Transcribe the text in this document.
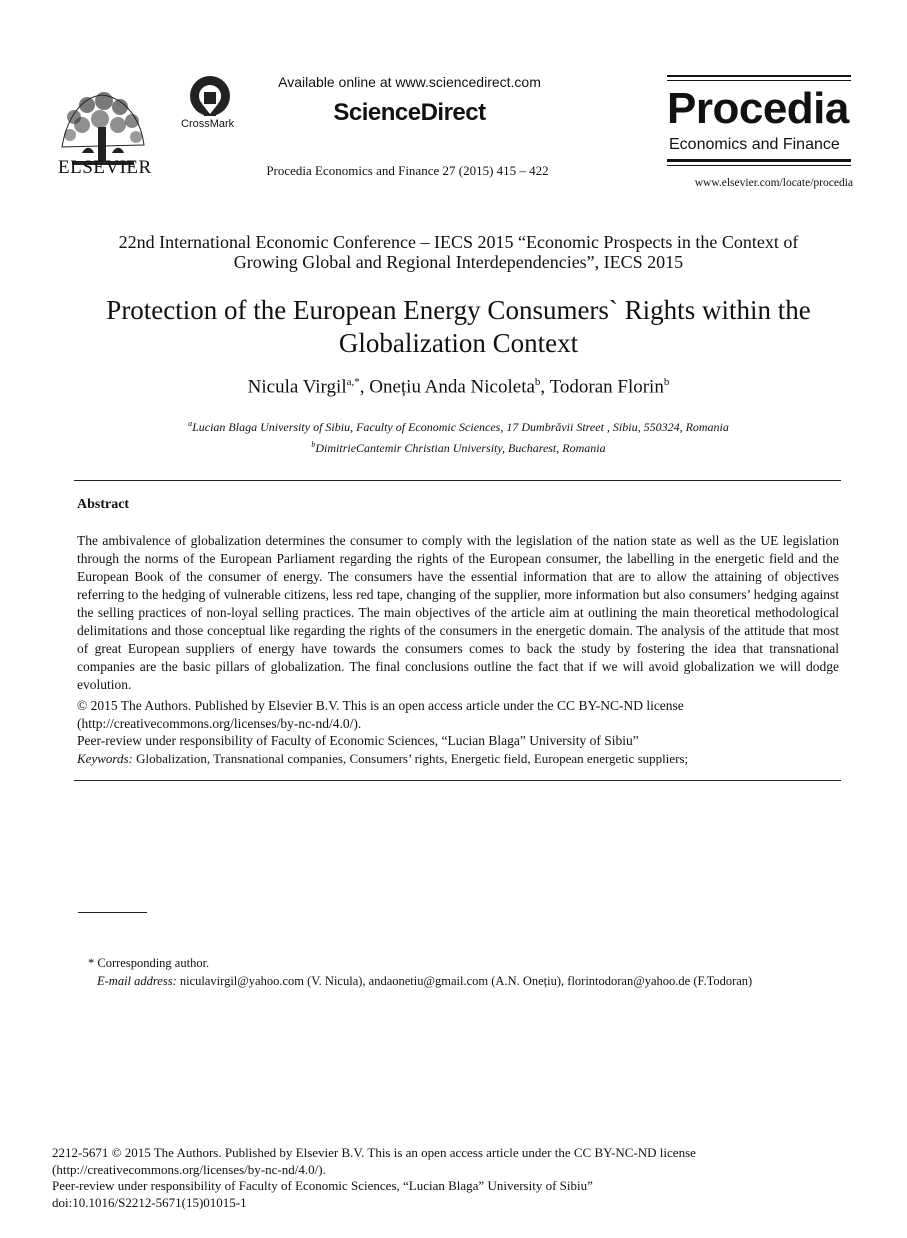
ELSEVIER
CrossMark
Available online at www.sciencedirect.com
ScienceDirect
Procedia Economics and Finance 27 (2015) 415 – 422
Procedia
Economics and Finance
www.elsevier.com/locate/procedia
22nd International Economic Conference – IECS 2015 “Economic Prospects in the Context of
Growing Global and Regional Interdependencies”, IECS 2015
Protection of the European Energy Consumers` Rights within the
Globalization Context
Nicula Virgil$^{a,*}$, Onețiu Anda Nicoleta$^b$, Todoran Florin$^b$
$^a$Lucian Blaga University of Sibiu, Faculty of Economic Sciences, 17 Dumbrăvii Street , Sibiu, 550324, Romania
$^b$DimitrieCantemir Christian University, Bucharest, Romania
Abstract
The ambivalence of globalization determines the consumer to comply with the legislation of the nation state as well as the UE legislation through the norms of the European Parliament regarding the rights of the European consumer, the labelling in the energetic field and the European Book of the consumer of energy. The consumers have the essential information that are to allow the attaining of objectives referring to the hedging of vulnerable citizens, less red tape, changing of the supplier, more information but also consumers’ hedging against the selling practices of non-loyal selling practices. The main objectives of the article aim at outlining the main theoretical methodological delimitations and those conceptual like regarding the rights of the consumers in the energetic domain. The analysis of the attitude that most of great European suppliers of energy have towards the consumers comes to back the study by fostering the idea that transnational companies are the basic pillars of globalization. The final conclusions outline the fact that if we will avoid globalization we will dodge evolution.
© 2015 The Authors. Published by Elsevier B.V. This is an open access article under the CC BY-NC-ND license
(http://creativecommons.org/licenses/by-nc-nd/4.0/).
Peer-review under responsibility of Faculty of Economic Sciences, “Lucian Blaga” University of Sibiu”
Keywords: Globalization, Transnational companies, Consumers’ rights, Energetic field, European energetic suppliers;
* Corresponding author.
E-mail address: niculavirgil@yahoo.com (V. Nicula), andaonetiu@gmail.com (A.N. Onețiu), florintodoran@yahoo.de (F.Todoran)
2212-5671 © 2015 The Authors. Published by Elsevier B.V. This is an open access article under the CC BY-NC-ND license
(http://creativecommons.org/licenses/by-nc-nd/4.0/).
Peer-review under responsibility of Faculty of Economic Sciences, “Lucian Blaga” University of Sibiu”
doi:10.1016/S2212-5671(15)01015-1
